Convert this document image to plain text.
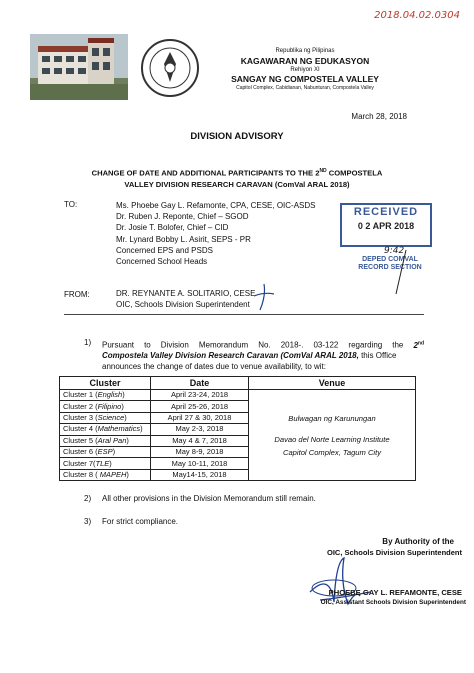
2018.04.02.0304
Republika ng Pilipinas
KAGAWARAN NG EDUKASYON
Rehiyon XI
SANGAY NG COMPOSTELA VALLEY
Capitol Complex, Cabidianan, Nabunturan, Compostela Valley
March 28, 2018
DIVISION ADVISORY
CHANGE OF DATE AND ADDITIONAL PARTICIPANTS TO THE 2ND COMPOSTELA
VALLEY DIVISION RESEARCH CARAVAN (ComVal ARAL 2018)
TO:	Ms. Phoebe Gay L. Refamonte, CPA, CESE, OIC-ASDS
Dr. Ruben J. Reponte, Chief – SGOD
Dr. Josie T. Bolofer, Chief – CID
Mr. Lynard Bobby L. Asirit, SEPS - PR
Concerned EPS and PSDS
Concerned School Heads
RECEIVED
0 2 APR 2018
9:42
DEPED COMVAL
RECORD SECTION
FROM:	DR. REYNANTE A. SOLITARIO, CESE
OIC, Schools Division Superintendent
1) Pursuant to Division Memorandum No. 2018-. 03-122 regarding the 2nd
Compostela Valley Division Research Caravan (ComVal ARAL 2018, this Office
announces the change of dates due to venue availability, to wit:
Cluster	Date	Venue
Cluster 1 (English)	April 23-24, 2018	Bulwagan ng Karunungan
Davao del Norte Learning Institute
Capitol Complex, Tagum City

Cluster 2 (Filipino)	April 25-26, 2018	
Cluster 3 (Science)	April 27 & 30, 2018	
Cluster 4 (Mathematics)	May 2-3, 2018	
Cluster 5 (Aral Pan)	May 4 & 7, 2018	
Cluster 6 (ESP)	May 8-9, 2018	
Cluster 7(TLE)	May 10-11, 2018	
Cluster 8 ( MAPEH)	May14-15, 2018	
2) All other provisions in the Division Memorandum still remain.
3) For strict compliance.
By Authority of the
OIC, Schools Division Superintendent
PHOEBE GAY L. REFAMONTE, CESE
OIC, Assistant Schools Division Superintendent
